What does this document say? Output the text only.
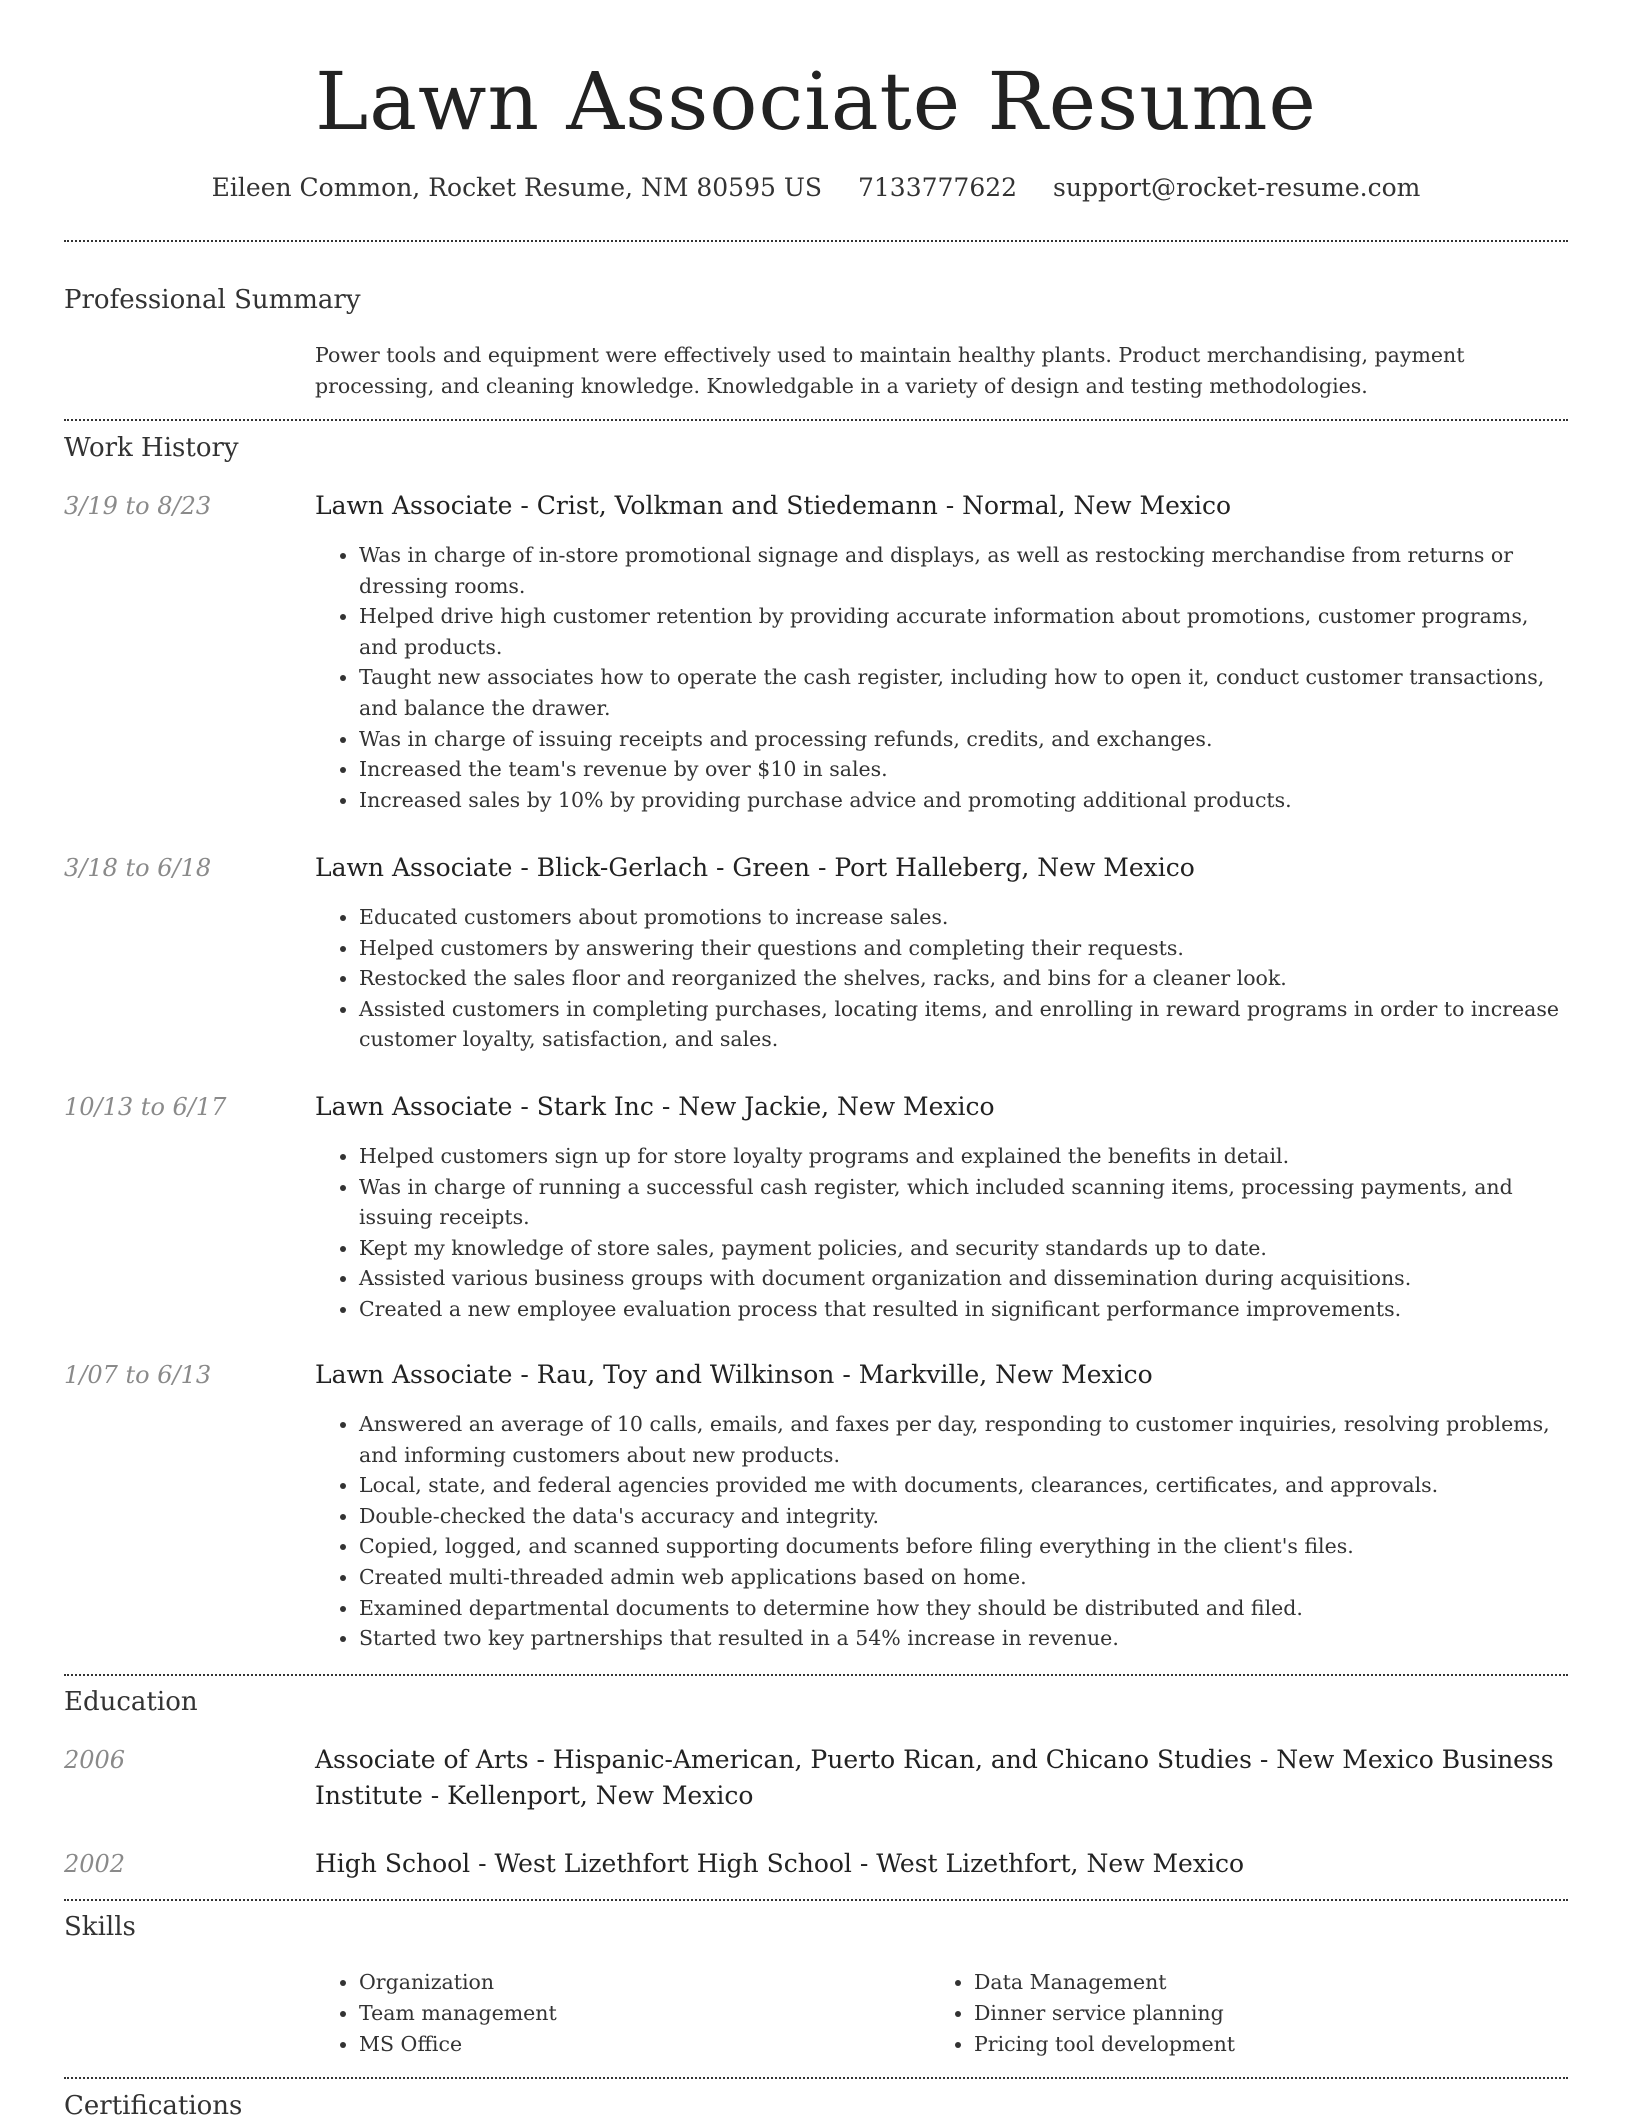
Lawn Associate Resume
Eileen Common, Rocket Resume, NM 80595 US 7133777622 support@rocket-resume.com
Professional Summary
Power tools and equipment were effectively used to maintain healthy plants. Product merchandising, payment processing, and cleaning knowledge. Knowledgable in a variety of design and testing methodologies.
Work History
3/19 to 8/23	Lawn Associate - Crist, Volkman and Stiedemann - Normal, New Mexico
• Was in charge of in-store promotional signage and displays, as well as restocking merchandise from returns or dressing rooms.
• Helped drive high customer retention by providing accurate information about promotions, customer programs, and products.
• Taught new associates how to operate the cash register, including how to open it, conduct customer transactions, and balance the drawer.
• Was in charge of issuing receipts and processing refunds, credits, and exchanges.
• Increased the team's revenue by over $10 in sales.
• Increased sales by 10% by providing purchase advice and promoting additional products.
3/18 to 6/18	Lawn Associate - Blick-Gerlach - Green - Port Halleberg, New Mexico
• Educated customers about promotions to increase sales.
• Helped customers by answering their questions and completing their requests.
• Restocked the sales floor and reorganized the shelves, racks, and bins for a cleaner look.
• Assisted customers in completing purchases, locating items, and enrolling in reward programs in order to increase customer loyalty, satisfaction, and sales.
10/13 to 6/17	Lawn Associate - Stark Inc - New Jackie, New Mexico
• Helped customers sign up for store loyalty programs and explained the benefits in detail.
• Was in charge of running a successful cash register, which included scanning items, processing payments, and issuing receipts.
• Kept my knowledge of store sales, payment policies, and security standards up to date.
• Assisted various business groups with document organization and dissemination during acquisitions.
• Created a new employee evaluation process that resulted in significant performance improvements.
1/07 to 6/13	Lawn Associate - Rau, Toy and Wilkinson - Markville, New Mexico
• Answered an average of 10 calls, emails, and faxes per day, responding to customer inquiries, resolving problems, and informing customers about new products.
• Local, state, and federal agencies provided me with documents, clearances, certificates, and approvals.
• Double-checked the data's accuracy and integrity.
• Copied, logged, and scanned supporting documents before filing everything in the client's files.
• Created multi-threaded admin web applications based on home.
• Examined departmental documents to determine how they should be distributed and filed.
• Started two key partnerships that resulted in a 54% increase in revenue.
Education
2006	Associate of Arts - Hispanic-American, Puerto Rican, and Chicano Studies - New Mexico Business Institute - Kellenport, New Mexico
2002	High School - West Lizethfort High School - West Lizethfort, New Mexico
Skills
• Organization
• Team management
• MS Office
• Data Management
• Dinner service planning
• Pricing tool development
Certifications
